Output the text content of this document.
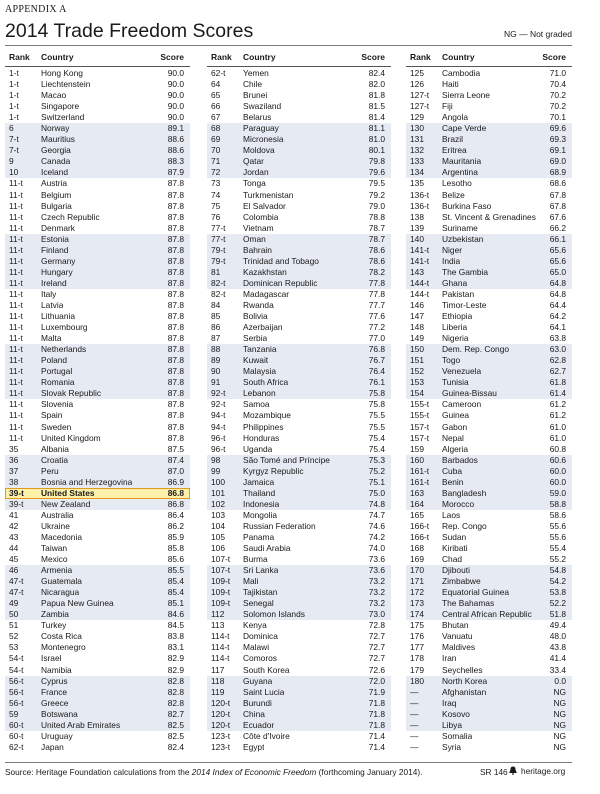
APPENDIX A
2014 Trade Freedom Scores	NG — Not graded
Rank Country	Score
1-t	Hong Kong	90.0
1-t	Liechtenstein	90.0
1-t	Macao	90.0
1-t	Singapore	90.0
1-t	Switzerland	90.0
6	Norway	89.1
7-t	Mauritius	88.6
7-t	Georgia	88.6
9	Canada	88.3
10	Iceland	87.9
11-t Austria	87.8
11-t Belgium	87.8
11-t Bulgaria	87.8
11-t Czech Republic	87.8
11-t Denmark	87.8
11-t Estonia	87.8
11-t Finland	87.8
11-t Germany	87.8
11-t Hungary	87.8
11-t Ireland	87.8
11-t Italy	87.8
11-t Latvia	87.8
11-t Lithuania	87.8
11-t Luxembourg	87.8
11-t Malta	87.8
11-t Netherlands	87.8
11-t Poland	87.8
11-t Portugal	87.8
11-t Romania	87.8
11-t Slovak Republic	87.8
11-t Slovenia	87.8
11-t Spain	87.8
11-t Sweden	87.8
11-t United Kingdom	87.8
35	Albania	87.5
36	Croatia	87.4
37	Peru	87.0
38	Bosnia and Herzegovina	86.9
39-t United States	86.8
39-t New Zealand	86.8
41	Australia	86.4
42	Ukraine	86.2
43	Macedonia	85.9
44	Taiwan	85.8
45	Mexico	85.6
46	Armenia	85.5
47-t Guatemala	85.4
47-t Nicaragua	85.4
49	Papua New Guinea	85.1
50	Zambia	84.6
51	Turkey	84.5
52	Costa Rica	83.8
53	Montenegro	83.1
54-t Israel	82.9
54-t Namibia	82.9
56-t Cyprus	82.8
56-t France	82.8
56-t Greece	82.8
59	Botswana	82.7
60-t United Arab Emirates	82.5
60-t Uruguay	82.5
62-t Japan	82.4
Rank Country	Score
62-t Yemen	82.4
64	Chile	82.0
65	Brunei	81.8
66	Swaziland	81.5
67	Belarus	81.4
68	Paraguay	81.1
69	Micronesia	81.0
70	Moldova	80.1
71	Qatar	79.8
72	Jordan	79.6
73	Tonga	79.5
74	Turkmenistan	79.2
75	El Salvador	79.0
76	Colombia	78.8
77-t Vietnam	78.7
77-t Oman	78.7
79-t Bahrain	78.6
79-t Trinidad and Tobago	78.6
81	Kazakhstan	78.2
82-t Dominican Republic	77.8
82-t Madagascar	77.8
84	Rwanda	77.7
85	Bolivia	77.6
86	Azerbaijan	77.2
87	Serbia	77.0
88	Tanzania	76.8
89	Kuwait	76.7
90	Malaysia	76.4
91	South Africa	76.1
92-t Lebanon	75.8
92-t Samoa	75.8
94-t Mozambique	75.5
94-t Philippines	75.5
96-t Honduras	75.4
96-t Uganda	75.4
98	São Tomé and Príncipe	75.3
99	Kyrgyz Republic	75.2
100 Jamaica	75.1
101 Thailand	75.0
102 Indonesia	74.8
103 Mongolia	74.7
104 Russian Federation	74.6
105 Panama	74.2
106 Saudi Arabia	74.0
107-t Burma	73.6
107-t Sri Lanka	73.6
109-t Mali	73.2
109-t Tajikistan	73.2
109-t Senegal	73.2
112 Solomon Islands	73.0
113 Kenya	72.8
114-t Dominica	72.7
114-t Malawi	72.7
114-t Comoros	72.7
117 South Korea	72.6
118 Guyana	72.0
119 Saint Lucia	71.9
120-t Burundi	71.8
120-t China	71.8
120-t Ecuador	71.8
123-t Côte d'Ivoire	71.4
123-t Egypt	71.4
Rank Country	Score
125 Cambodia	71.0
126 Haiti	70.4
127-t Sierra Leone	70.2
127-t Fiji	70.2
129 Angola	70.1
130 Cape Verde	69.6
131 Brazil	69.3
132 Eritrea	69.1
133 Mauritania	69.0
134 Argentina	68.9
135 Lesotho	68.6
136-t Belize	67.8
136-t Burkina Faso	67.8
138 St. Vincent & Grenadines 67.6
139 Suriname	66.2
140 Uzbekistan	66.1
141-t Niger	65.6
141-t India	65.6
143 The Gambia	65.0
144-t Ghana	64.8
144-t Pakistan	64.8
146 Timor-Leste	64.4
147 Ethiopia	64.2
148 Liberia	64.1
149 Nigeria	63.8
150 Dem. Rep. Congo	63.0
151 Togo	62.8
152 Venezuela	62.7
153 Tunisia	61.8
154 Guinea-Bissau	61.4
155-t Cameroon	61.2
155-t Guinea	61.2
157-t Gabon	61.0
157-t Nepal	61.0
159 Algeria	60.8
160 Barbados	60.6
161-t Cuba	60.0
161-t Benin	60.0
163 Bangladesh	59.0
164 Morocco	58.8
165 Laos	58.6
166-t Rep. Congo	55.6
166-t Sudan	55.6
168 Kiribati	55.4
169 Chad	55.2
170 Djibouti	54.8
171 Zimbabwe	54.2
172 Equatorial Guinea	53.8
173 The Bahamas	52.2
174 Central African Republic 51.8
175 Bhutan	49.4
176 Vanuatu	48.0
177 Maldives	43.8
178 Iran	41.4
179 Seychelles	33.4
180 North Korea	0.0
—	Afghanistan	NG
—	Iraq	NG
—	Kosovo	NG
—	Libya	NG
—	Somalia	NG
—	Syria	NG
Source: Heritage Foundation calculations from the 2014 Index of Economic Freedom (forthcoming January 2014).	SR 146	heritage.org
